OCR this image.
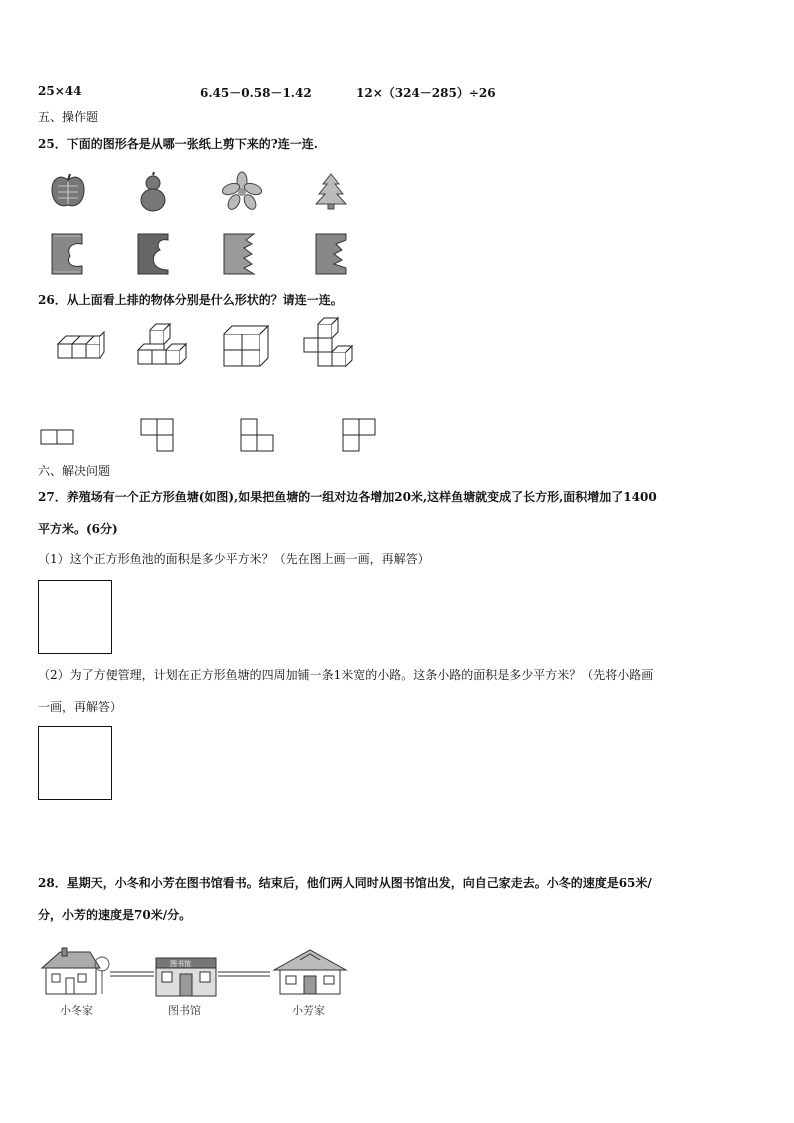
25×44	6.45－0.58－1.42	12×（324－285）÷26
五、操作题
25．下面的图形各是从哪一张纸上剪下来的?连一连.
26．从上面看上排的物体分别是什么形状的？请连一连。
六、解决问题
27．养殖场有一个正方形鱼塘(如图),如果把鱼塘的一组对边各增加20米,这样鱼塘就变成了长方形,面积增加了1400
平方米。(6分)
（1）这个正方形鱼池的面积是多少平方米？（先在图上画一画，再解答）
（2）为了方便管理，计划在正方形鱼塘的四周加铺一条1米宽的小路。这条小路的面积是多少平方米？（先将小路画
一画，再解答）
28．星期天，小冬和小芳在图书馆看书。结束后，他们两人同时从图书馆出发，向自己家走去。小冬的速度是65米/
分，小芳的速度是70米/分。
图书馆
小冬家	图书馆	小芳家
